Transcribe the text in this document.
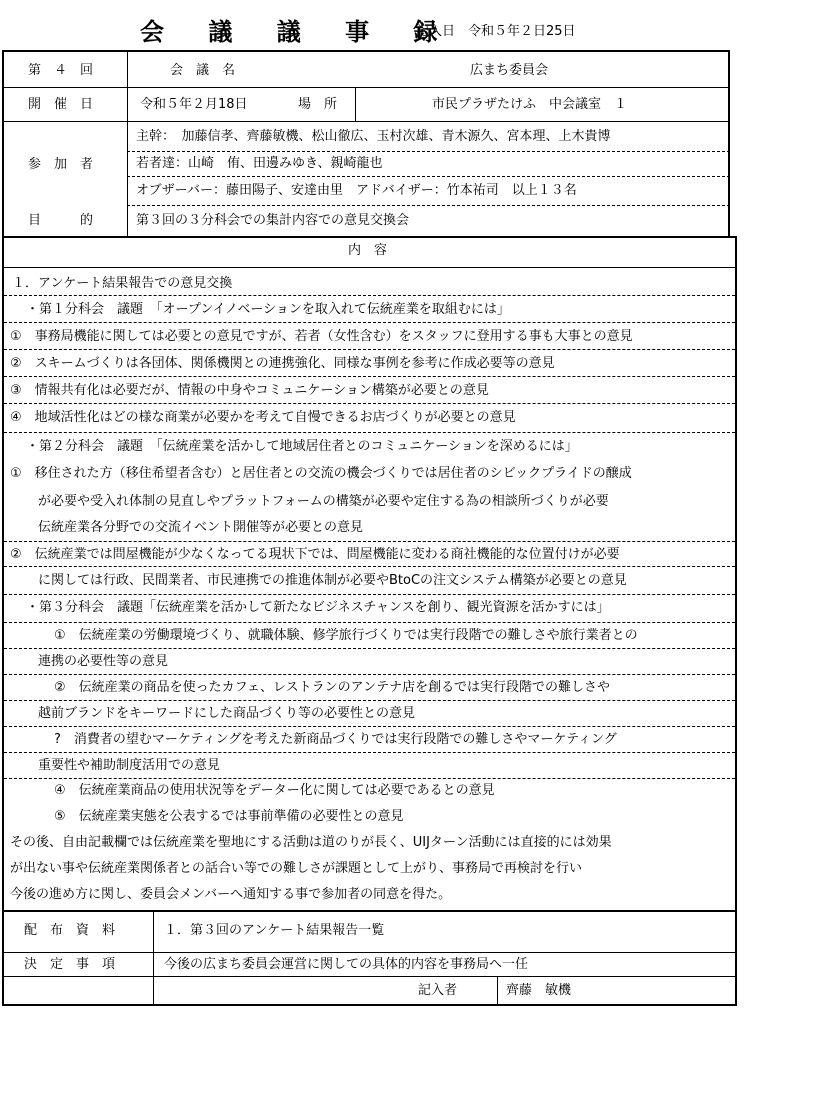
会 議 議 事 録
記入日　令和５年２日25日
第　４　回	会　議　名	広まち委員会
開　催　日	令和５年２月18日	場　所	市民プラザたけふ　中会議室　１
参　加　者
主幹：　加藤信孝、齊藤敏機、松山徹広、玉村次雄、青木源久、宮本理、上木貴博
若者達：山崎　侑、田邊みゆき、親崎龍也
オブザーバー：藤田陽子、安達由里　アドバイザー：竹本祐司　以上１３名
目　　　的	第３回の３分科会での集計内容での意見交換会
内　容
１．アンケート結果報告での意見交換
・第１分科会　議題　「オープンイノベーションを取入れて伝統産業を取組むには」
①　事務局機能に関しては必要との意見ですが、若者（女性含む）をスタッフに登用する事も大事との意見
②　スキームづくりは各団体、関係機関との連携強化、同様な事例を参考に作成必要等の意見
③　情報共有化は必要だが、情報の中身やコミュニケーション構築が必要との意見
④　地域活性化はどの様な商業が必要かを考えて自慢できるお店づくりが必要との意見
・第２分科会　議題　「伝統産業を活かして地域居住者とのコミュニケーションを深めるには」
①　移住された方（移住希望者含む）と居住者との交流の機会づくりでは居住者のシビックプライドの醸成
が必要や受入れ体制の見直しやプラットフォームの構築が必要や定住する為の相談所づくりが必要
伝統産業各分野での交流イベント開催等が必要との意見
②　伝統産業では問屋機能が少なくなってる現状下では、問屋機能に変わる商社機能的な位置付けが必要
に関しては行政、民間業者、市民連携での推進体制が必要やBtoCの注文システム構築が必要との意見
・第３分科会　議題「伝統産業を活かして新たなビジネスチャンスを創り、観光資源を活かすには」
①　伝統産業の労働環境づくり、就職体験、修学旅行づくりでは実行段階での難しさや旅行業者との
連携の必要性等の意見
②　伝統産業の商品を使ったカフェ、レストランのアンテナ店を創るでは実行段階での難しさや
越前ブランドをキーワードにした商品づくり等の必要性との意見
?　消費者の望むマーケティングを考えた新商品づくりでは実行段階での難しさやマーケティング
重要性や補助制度活用での意見
④　伝統産業商品の使用状況等をデーター化に関しては必要であるとの意見
⑤　伝統産業実態を公表するでは事前準備の必要性との意見
その後、自由記載欄では伝統産業を聖地にする活動は道のりが長く、UIJターン活動には直接的には効果
が出ない事や伝統産業関係者との話合い等での難しさが課題として上がり、事務局で再検討を行い
今後の進め方に関し、委員会メンバーへ通知する事で参加者の同意を得た。
配　布　資　料	１．第３回のアンケート結果報告一覧
決　定　事　項	今後の広まち委員会運営に関しての具体的内容を事務局へ一任
記入者	齊藤　敏機
